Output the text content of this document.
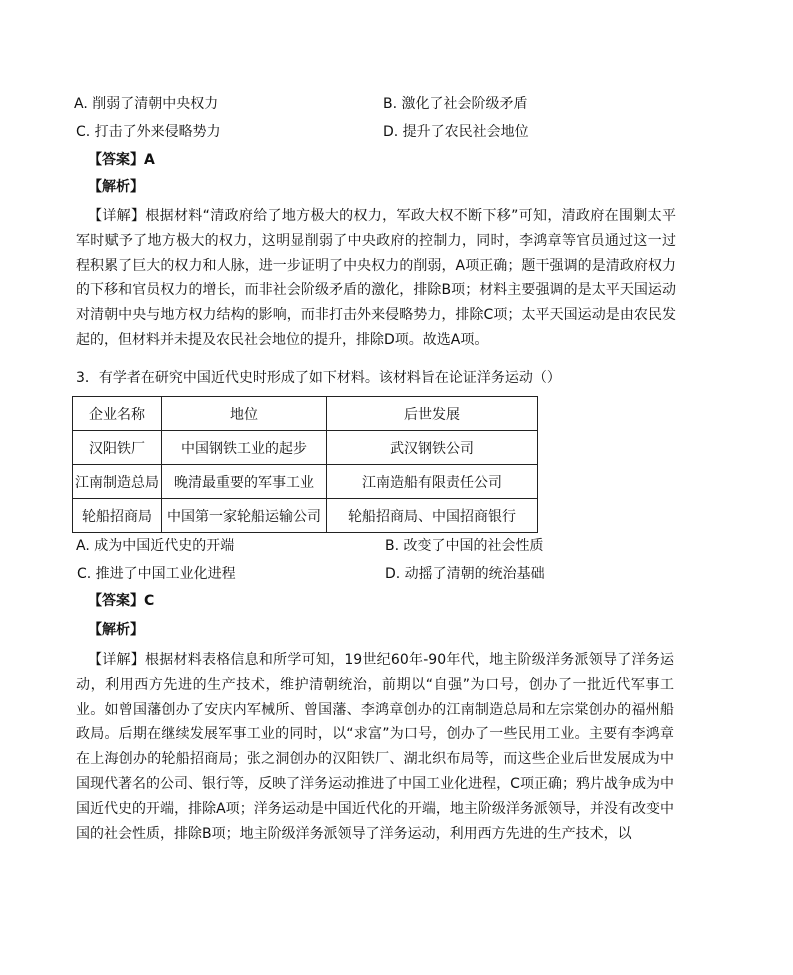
A. 削弱了清朝中央权力	B. 激化了社会阶级矛盾
C. 打击了外来侵略势力	D. 提升了农民社会地位
【答案】A
【解析】
【详解】根据材料“清政府给了地方极大的权力，军政大权不断下移”可知，清政府在围剿太平军时赋予了地方极大的权力，这明显削弱了中央政府的控制力，同时，李鸿章等官员通过这一过程积累了巨大的权力和人脉，进一步证明了中央权力的削弱，A项正确；题干强调的是清政府权力的下移和官员权力的增长，而非社会阶级矛盾的激化，排除B项；材料主要强调的是太平天国运动对清朝中央与地方权力结构的影响，而非打击外来侵略势力，排除C项；太平天国运动是由农民发起的，但材料并未提及农民社会地位的提升，排除D项。故选A项。
3．有学者在研究中国近代史时形成了如下材料。该材料旨在论证洋务运动（）
企业名称	地位	后世发展
汉阳铁厂	中国钢铁工业的起步	武汉钢铁公司
江南制造总局	晚清最重要的军事工业	江南造船有限责任公司
轮船招商局	中国第一家轮船运输公司	轮船招商局、中国招商银行
A. 成为中国近代史的开端	B. 改变了中国的社会性质
C. 推进了中国工业化进程	D. 动摇了清朝的统治基础
【答案】C
【解析】
【详解】根据材料表格信息和所学可知，19世纪60年-90年代，地主阶级洋务派领导了洋务运动，利用西方先进的生产技术，维护清朝统治，前期以“自强”为口号，创办了一批近代军事工业。如曾国藩创办了安庆内军械所、曾国藩、李鸿章创办的江南制造总局和左宗棠创办的福州船政局。后期在继续发展军事工业的同时，以“求富”为口号，创办了一些民用工业。主要有李鸿章在上海创办的轮船招商局；张之洞创办的汉阳铁厂、湖北织布局等，而这些企业后世发展成为中国现代著名的公司、银行等，反映了洋务运动推进了中国工业化进程，C项正确；鸦片战争成为中国近代史的开端，排除A项；洋务运动是中国近代化的开端，地主阶级洋务派领导，并没有改变中国的社会性质，排除B项；地主阶级洋务派领导了洋务运动，利用西方先进的生产技术，以
